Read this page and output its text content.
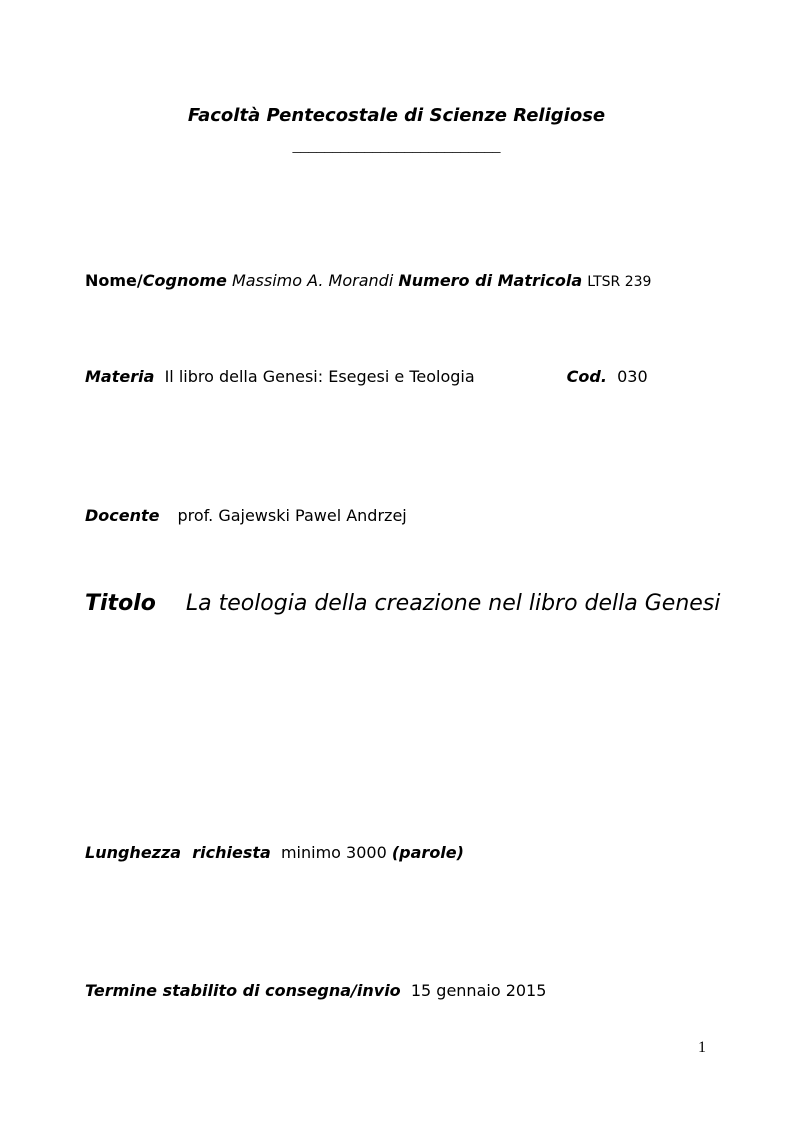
Facoltà Pentecostale di Scienze Religiose
__________________________
Nome/Cognome Massimo A. Morandi Numero di Matricola LTSR 239
Materia Il libro della Genesi: Esegesi e Teologia	Cod. 030
Docente prof. Gajewski Pawel Andrzej
Titolo La teologia della creazione nel libro della Genesi
Lunghezza  richiesta minimo 3000 (parole)
Termine stabilito di consegna/invio 15 gennaio 2015
1
